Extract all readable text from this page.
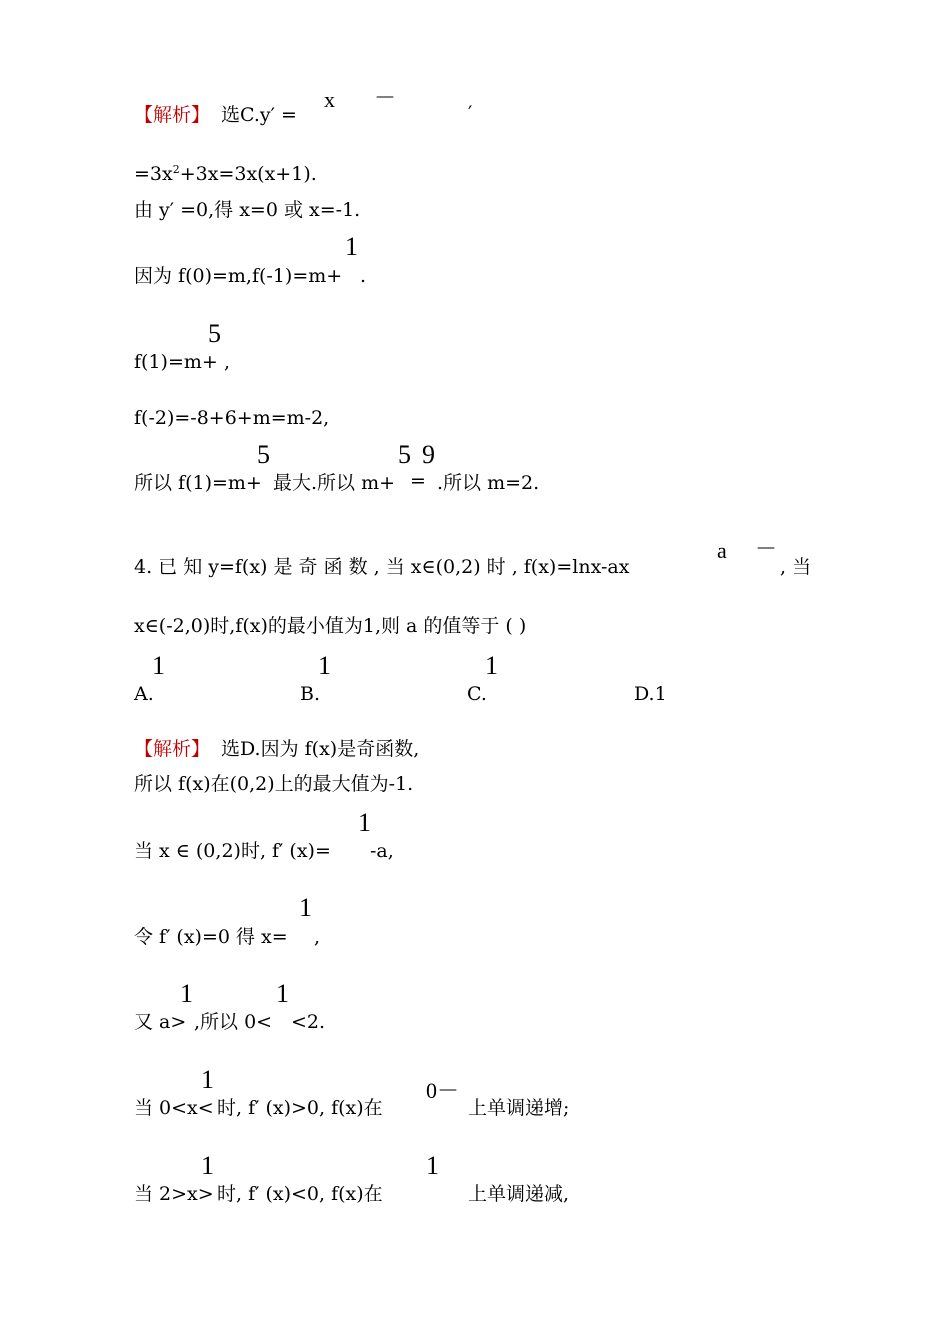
【解析】 选C.y′ =
x －
′
$=3x^2+3x=3x(x+1)$.
由 y′ =0,得 x=0 或 x=-1.
因为 f(0)=m,f(-1)=m+
1
.
f(1)=m+
5
,
f(-2)=-8+6+m=m-2,
所以 f(1)=m+
5
最大.所以 m+
5
=
9
.所以 m=2.
4. 已 知 y=f(x) 是 奇 函 数 , 当 x∈(0,2) 时 , f(x)=lnx-ax
a －
, 当
x∈(-2,0)时,f(x)的最小值为1,则 a 的值等于 ( )
A.
1
B.
1
C.
1
D.1
【解析】 选D.因为 f(x)是奇函数,
所以 f(x)在(0,2)上的最大值为-1.
当 x ∈ (0,2)时, f′ (x)=
1
-a,
令 f′ (x)=0 得 x=
1
,
又 a>
1
,所以 0<
1
<2.
当 0<x<
1
时, f′ (x)>0, f(x)在
0－
上单调递增;
当 2>x>
1
时, f′ (x)<0, f(x)在
1
上单调递减,
